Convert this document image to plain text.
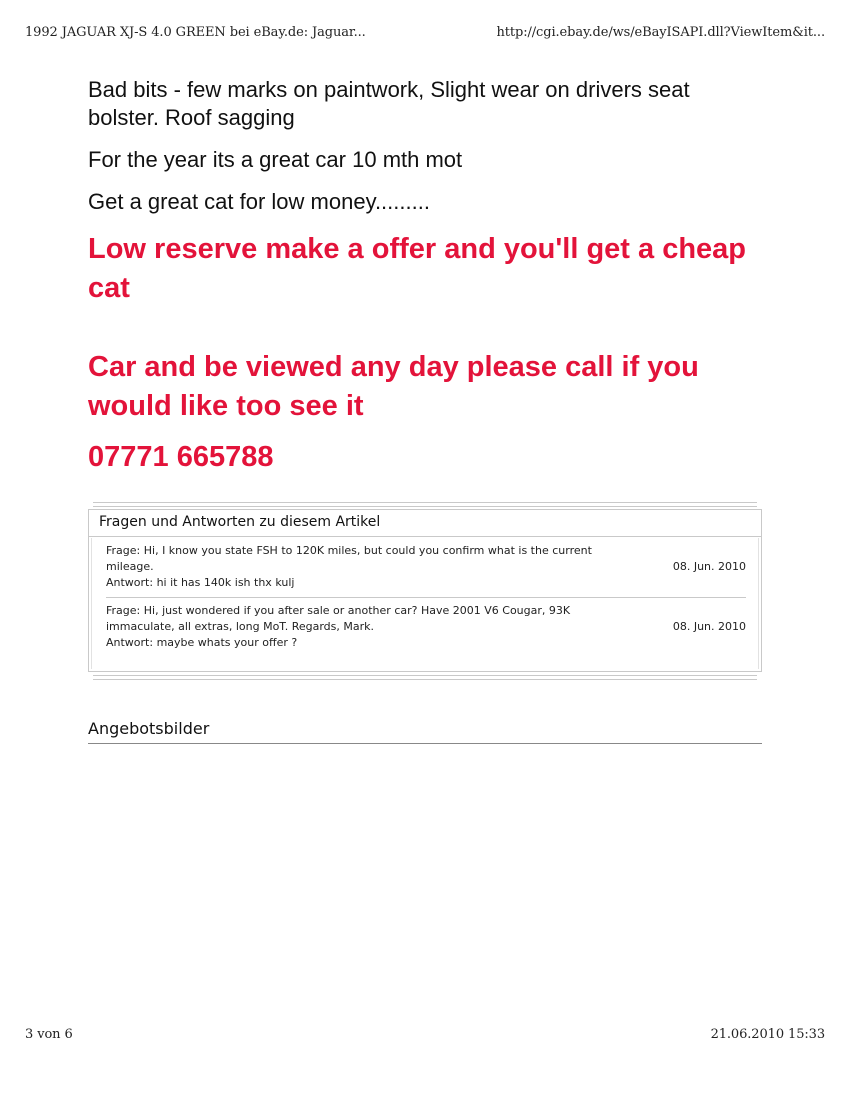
1992 JAGUAR XJ-S 4.0 GREEN bei eBay.de: Jaguar...	http://cgi.ebay.de/ws/eBayISAPI.dll?ViewItem&it...

Bad bits - few marks on paintwork, Slight wear on drivers seat bolster. Roof sagging

For the year its a great car 10 mth mot

Get a great cat for low money.........

Low reserve make a offer and you'll get a cheap cat

Car and be viewed any day please call if you would like too see it

07771 665788

Fragen und Antworten zu diesem Artikel
Frage: Hi, I know you state FSH to 120K miles, but could you confirm what is the current mileage.
Antwort: hi it has 140k ish thx kulj
08. Jun. 2010
Frage: Hi, just wondered if you after sale or another car? Have 2001 V6 Cougar, 93K immaculate, all extras, long MoT. Regards, Mark.
Antwort: maybe whats your offer ?
08. Jun. 2010
Angebotsbilder
3 von 6	21.06.2010 15:33
